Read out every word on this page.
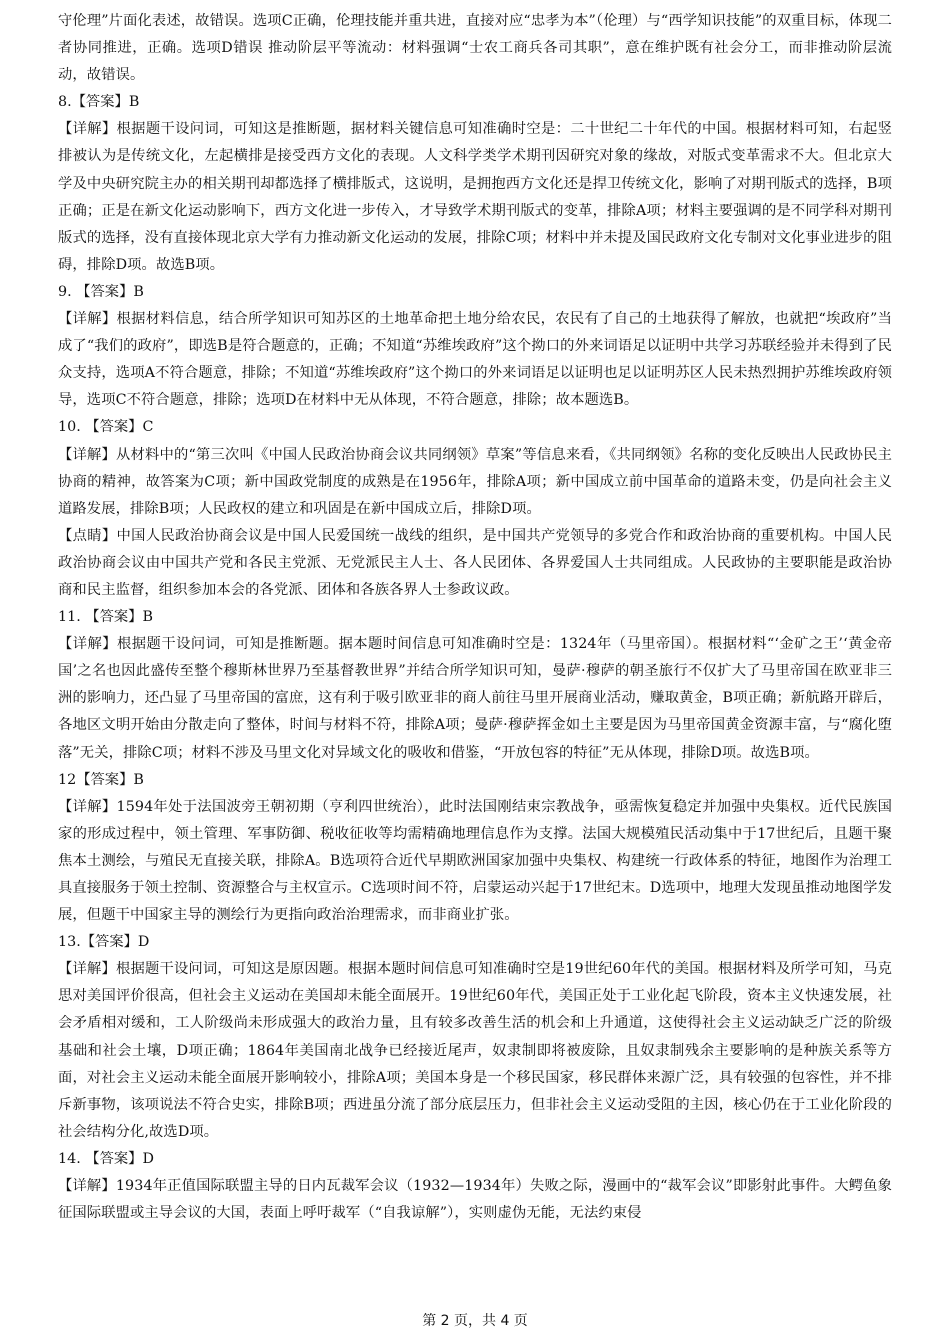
守伦理”片面化表述，故错误。选项C正确，伦理技能并重共进，直接对应“忠孝为本”（伦理）与“西学知识技能”的双重目标，体现二者协同推进，正确。选项D错误 推动阶层平等流动：材料强调“士农工商兵各司其职”，意在维护既有社会分工，而非推动阶层流动，故错误。

8.【答案】B

【详解】根据题干设问词，可知这是推断题，据材料关键信息可知准确时空是：二十世纪二十年代的中国。根据材料可知，右起竖排被认为是传统文化，左起横排是接受西方文化的表现。人文科学类学术期刊因研究对象的缘故，对版式变革需求不大。但北京大学及中央研究院主办的相关期刊却都选择了横排版式，这说明，是拥抱西方文化还是捍卫传统文化，影响了对期刊版式的选择，B项正确；正是在新文化运动影响下，西方文化进一步传入，才导致学术期刊版式的变革，排除A项；材料主要强调的是不同学科对期刊版式的选择，没有直接体现北京大学有力推动新文化运动的发展，排除C项；材料中并未提及国民政府文化专制对文化事业进步的阻碍，排除D项。故选B项。

9. 【答案】B

【详解】根据材料信息，结合所学知识可知苏区的土地革命把土地分给农民，农民有了自己的土地获得了解放，也就把“埃政府”当成了“我们的政府”，即选B是符合题意的，正确；不知道“苏维埃政府”这个拗口的外来词语足以证明中共学习苏联经验并未得到了民众支持，选项A不符合题意，排除；不知道“苏维埃政府”这个拗口的外来词语足以证明也足以证明苏区人民未热烈拥护苏维埃政府领导，选项C不符合题意，排除；选项D在材料中无从体现，不符合题意，排除；故本题选B。

10. 【答案】C

【详解】从材料中的“第三次叫《中国人民政治协商会议共同纲领》草案”等信息来看，《共同纲领》名称的变化反映出人民政协民主协商的精神，故答案为C项；新中国政党制度的成熟是在1956年，排除A项；新中国成立前中国革命的道路未变，仍是向社会主义道路发展，排除B项；人民政权的建立和巩固是在新中国成立后，排除D项。

【点睛】中国人民政治协商会议是中国人民爱国统一战线的组织，是中国共产党领导的多党合作和政治协商的重要机构。中国人民政治协商会议由中国共产党和各民主党派、无党派民主人士、各人民团体、各界爱国人士共同组成。人民政协的主要职能是政治协商和民主监督，组织参加本会的各党派、团体和各族各界人士参政议政。

11. 【答案】B

【详解】根据题干设问词，可知是推断题。据本题时间信息可知准确时空是：1324年（马里帝国）。根据材料“‘金矿之王’‘黄金帝国’之名也因此盛传至整个穆斯林世界乃至基督教世界”并结合所学知识可知，曼萨·穆萨的朝圣旅行不仅扩大了马里帝国在欧亚非三洲的影响力，还凸显了马里帝国的富庶，这有利于吸引欧亚非的商人前往马里开展商业活动，赚取黄金，B项正确；新航路开辟后，各地区文明开始由分散走向了整体，时间与材料不符，排除A项；曼萨·穆萨挥金如土主要是因为马里帝国黄金资源丰富，与“腐化堕落”无关，排除C项；材料不涉及马里文化对异域文化的吸收和借鉴，“开放包容的特征”无从体现，排除D项。故选B项。

12【答案】B

【详解】1594年处于法国波旁王朝初期（亨利四世统治），此时法国刚结束宗教战争，亟需恢复稳定并加强中央集权。近代民族国家的形成过程中，领土管理、军事防御、税收征收等均需精确地理信息作为支撑。法国大规模殖民活动集中于17世纪后，且题干聚焦本土测绘，与殖民无直接关联，排除A。B选项符合近代早期欧洲国家加强中央集权、构建统一行政体系的特征，地图作为治理工具直接服务于领土控制、资源整合与主权宣示。C选项时间不符，启蒙运动兴起于17世纪末。D选项中，地理大发现虽推动地图学发展，但题干中国家主导的测绘行为更指向政治治理需求，而非商业扩张。

13.【答案】D

【详解】根据题干设问词，可知这是原因题。根据本题时间信息可知准确时空是19世纪60年代的美国。根据材料及所学可知，马克思对美国评价很高，但社会主义运动在美国却未能全面展开。19世纪60年代，美国正处于工业化起飞阶段，资本主义快速发展，社会矛盾相对缓和，工人阶级尚未形成强大的政治力量，且有较多改善生活的机会和上升通道，这使得社会主义运动缺乏广泛的阶级基础和社会土壤，D项正确；1864年美国南北战争已经接近尾声，奴隶制即将被废除，且奴隶制残余主要影响的是种族关系等方面，对社会主义运动未能全面展开影响较小，排除A项；美国本身是一个移民国家，移民群体来源广泛，具有较强的包容性，并不排斥新事物，该项说法不符合史实，排除B项；西进虽分流了部分底层压力，但非社会主义运动受阻的主因，核心仍在于工业化阶段的社会结构分化,故选D项。

14. 【答案】D

【详解】1934年正值国际联盟主导的日内瓦裁军会议（1932—1934年）失败之际，漫画中的“裁军会议”即影射此事件。大鳄鱼象征国际联盟或主导会议的大国，表面上呼吁裁军（“自我谅解”），实则虚伪无能，无法约束侵

第 2 页，共 4 页
